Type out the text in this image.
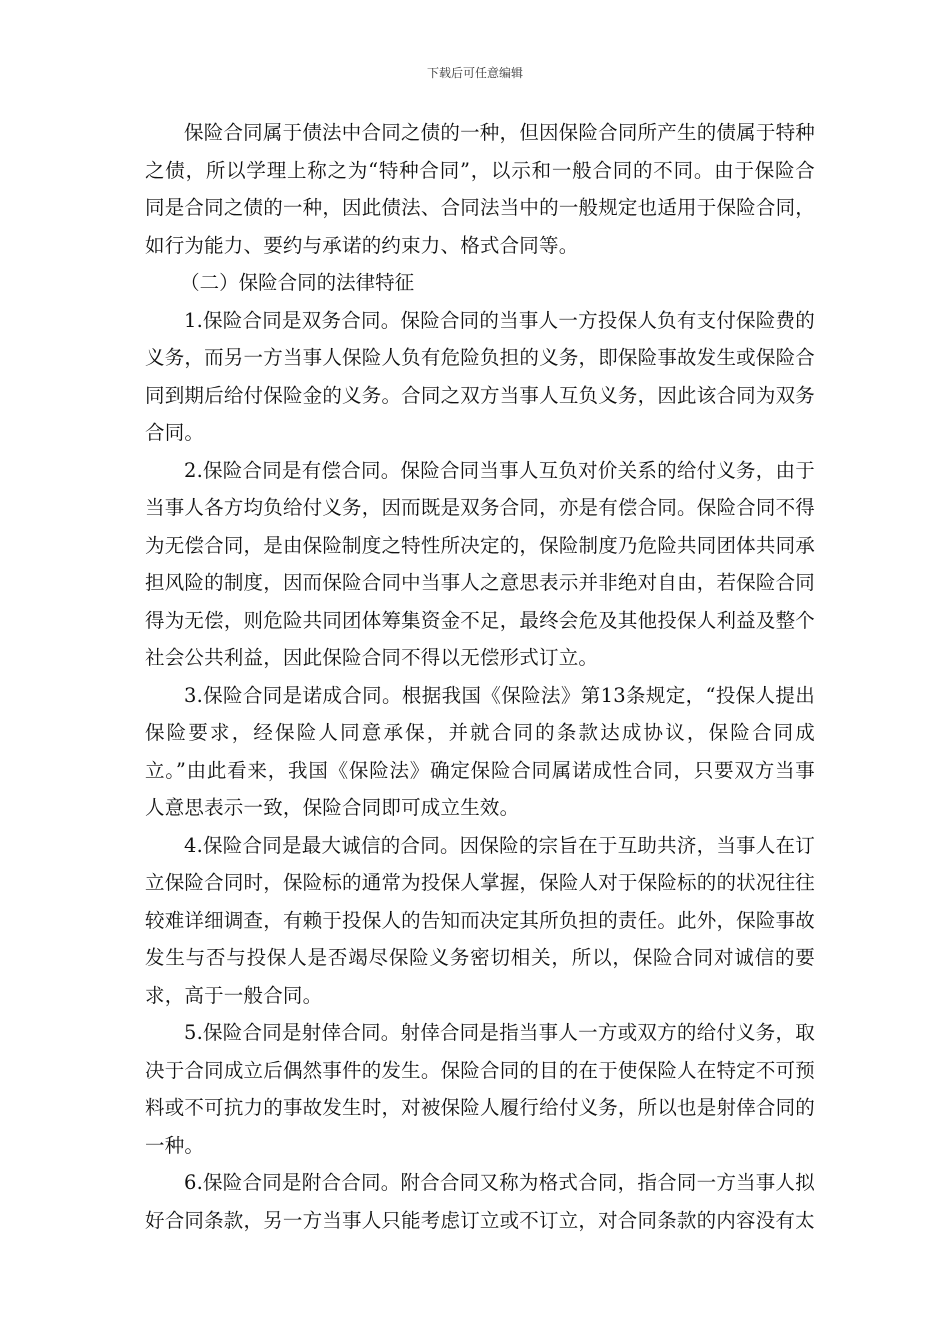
下载后可任意编辑

保险合同属于债法中合同之债的一种，但因保险合同所产生的债属于特种之债，所以学理上称之为“特种合同”，以示和一般合同的不同。由于保险合同是合同之债的一种，因此债法、合同法当中的一般规定也适用于保险合同，如行为能力、要约与承诺的约束力、格式合同等。

（二）保险合同的法律特征

1.保险合同是双务合同。保险合同的当事人一方投保人负有支付保险费的义务，而另一方当事人保险人负有危险负担的义务，即保险事故发生或保险合同到期后给付保险金的义务。合同之双方当事人互负义务，因此该合同为双务合同。

2.保险合同是有偿合同。保险合同当事人互负对价关系的给付义务，由于当事人各方均负给付义务，因而既是双务合同，亦是有偿合同。保险合同不得为无偿合同，是由保险制度之特性所决定的，保险制度乃危险共同团体共同承担风险的制度，因而保险合同中当事人之意思表示并非绝对自由，若保险合同得为无偿，则危险共同团体筹集资金不足，最终会危及其他投保人利益及整个社会公共利益，因此保险合同不得以无偿形式订立。

3.保险合同是诺成合同。根据我国《保险法》第13条规定，“投保人提出保险要求，经保险人同意承保，并就合同的条款达成协议，保险合同成立。”由此看来，我国《保险法》确定保险合同属诺成性合同，只要双方当事人意思表示一致，保险合同即可成立生效。

4.保险合同是最大诚信的合同。因保险的宗旨在于互助共济，当事人在订立保险合同时，保险标的通常为投保人掌握，保险人对于保险标的的状况往往较难详细调查，有赖于投保人的告知而决定其所负担的责任。此外，保险事故发生与否与投保人是否竭尽保险义务密切相关，所以，保险合同对诚信的要求，高于一般合同。

5.保险合同是射倖合同。射倖合同是指当事人一方或双方的给付义务，取决于合同成立后偶然事件的发生。保险合同的目的在于使保险人在特定不可预料或不可抗力的事故发生时，对被保险人履行给付义务，所以也是射倖合同的一种。

6.保险合同是附合合同。附合合同又称为格式合同，指合同一方当事人拟好合同条款，另一方当事人只能考虑订立或不订立，对合同条款的内容没有太
